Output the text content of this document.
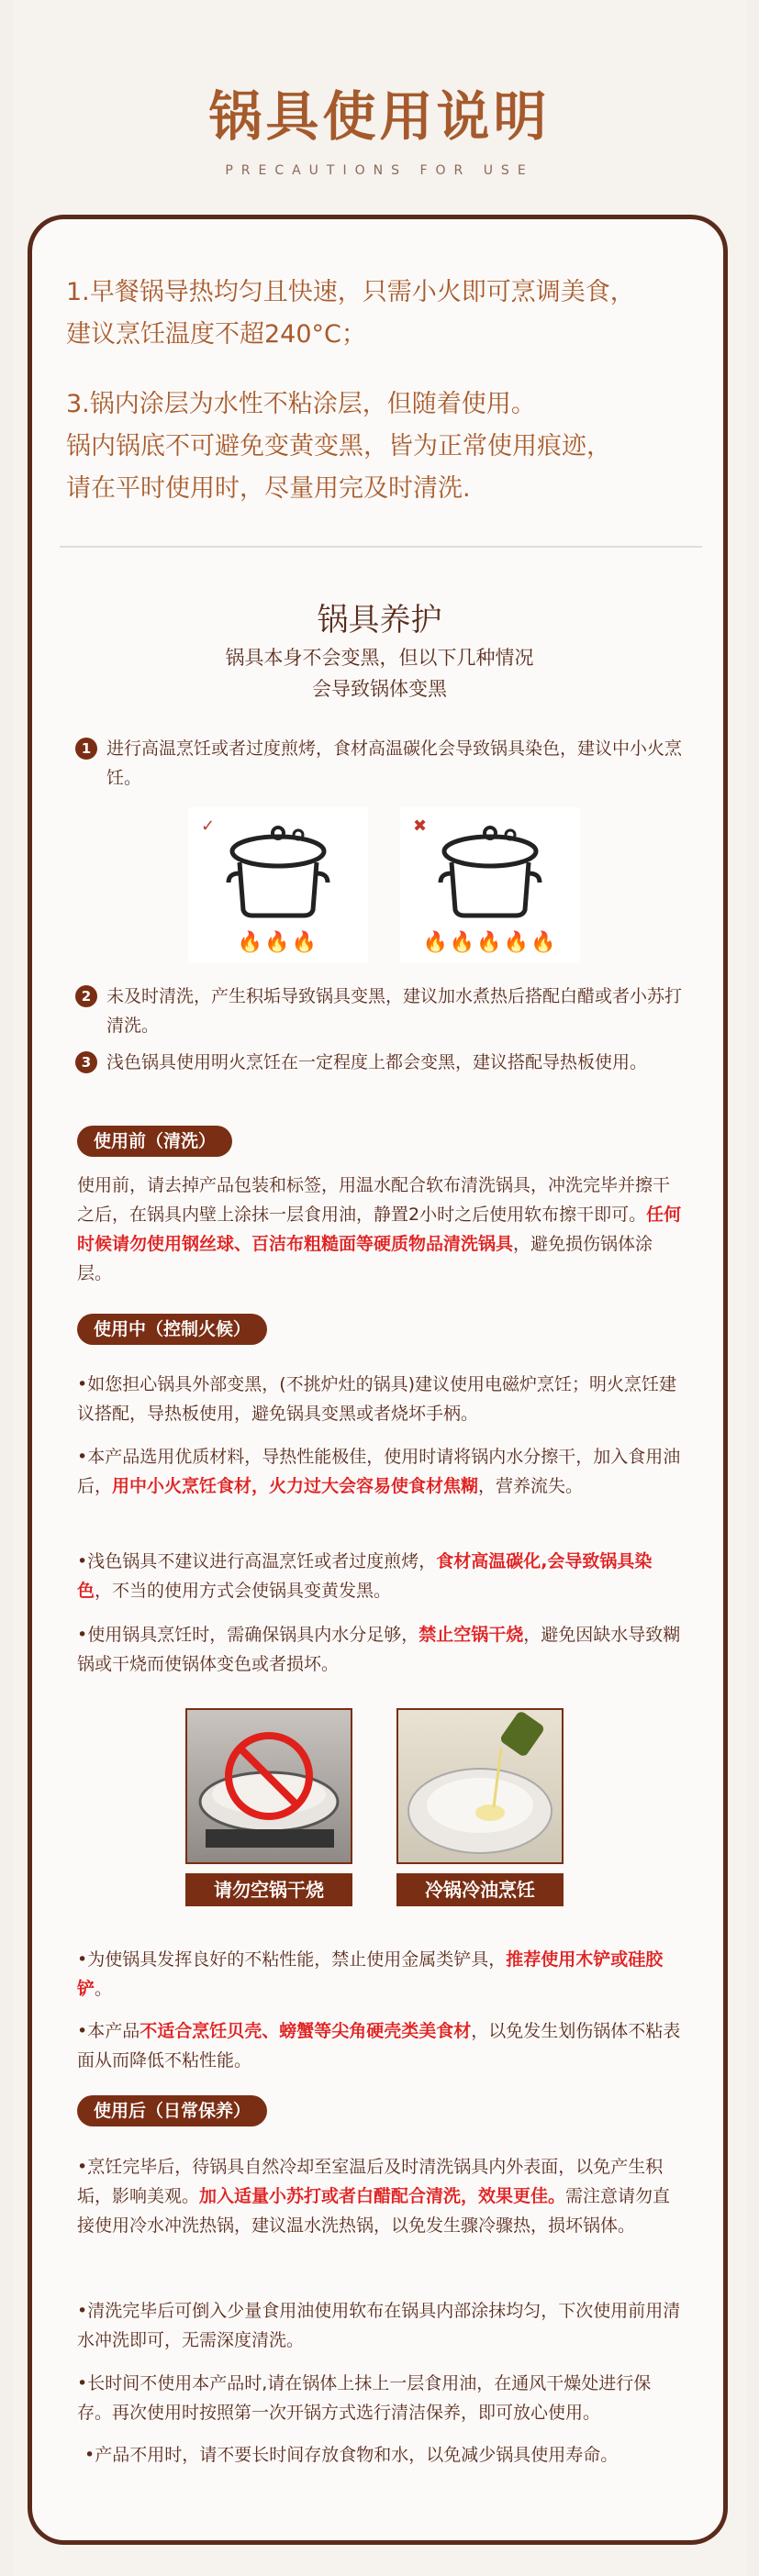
锅具使用说明
PRECAUTIONS FOR USE
1.早餐锅导热均匀且快速，只需小火即可烹调美食，
建议烹饪温度不超240°C；
3.锅内涂层为水性不粘涂层，但随着使用。
锅内锅底不可避免变黄变黑，皆为正常使用痕迹，
请在平时使用时，尽量用完及时清洗.
锅具养护
锅具本身不会变黑，但以下几种情况
会导致锅体变黑
1 进行高温烹饪或者过度煎烤，食材高温碳化会导致锅具染色，建议中小火烹饪。
✓
🔥🔥🔥
✖
🔥🔥🔥🔥🔥
2 未及时清洗，产生积垢导致锅具变黑，建议加水煮热后搭配白醋或者小苏打清洗。
3 浅色锅具使用明火烹饪在一定程度上都会变黑，建议搭配导热板使用。
使用前（清洗）
使用前，请去掉产品包装和标签，用温水配合软布清洗锅具，冲洗完毕并擦干之后，在锅具内壁上涂抹一层食用油，静置2小时之后使用软布擦干即可。任何时候请勿使用钢丝球、百洁布粗糙面等硬质物品清洗锅具，避免损伤锅体涂层。
使用中（控制火候）
•如您担心锅具外部变黑，(不挑炉灶的锅具)建议使用电磁炉烹饪；明火烹饪建议搭配，导热板使用，避免锅具变黑或者烧坏手柄。
•本产品选用优质材料，导热性能极佳，使用时请将锅内水分擦干，加入食用油后，用中小火烹饪食材，火力过大会容易使食材焦糊，营养流失。
•浅色锅具不建议进行高温烹饪或者过度煎烤，食材高温碳化,会导致锅具染色，不当的使用方式会使锅具变黄发黑。
•使用锅具烹饪时，需确保锅具内水分足够，禁止空锅干烧，避免因缺水导致糊锅或干烧而使锅体变色或者损坏。
请勿空锅干烧	冷锅冷油烹饪
•为使锅具发挥良好的不粘性能，禁止使用金属类铲具，推荐使用木铲或硅胶铲。
•本产品不适合烹饪贝壳、螃蟹等尖角硬壳类美食材，以免发生划伤锅体不粘表面从而降低不粘性能。
使用后（日常保养）
•烹饪完毕后，待锅具自然冷却至室温后及时清洗锅具内外表面，以免产生积垢，影响美观。加入适量小苏打或者白醋配合清洗，效果更佳。需注意请勿直接使用冷水冲洗热锅，建议温水洗热锅，以免发生骤冷骤热，损坏锅体。
•清洗完毕后可倒入少量食用油使用软布在锅具内部涂抹均匀，下次使用前用清水冲洗即可，无需深度清洗。
•长时间不使用本产品时,请在锅体上抹上一层食用油，在通风干燥处进行保存。再次使用时按照第一次开锅方式选行清洁保养，即可放心使用。
•产品不用时，请不要长时间存放食物和水，以免减少锅具使用寿命。
